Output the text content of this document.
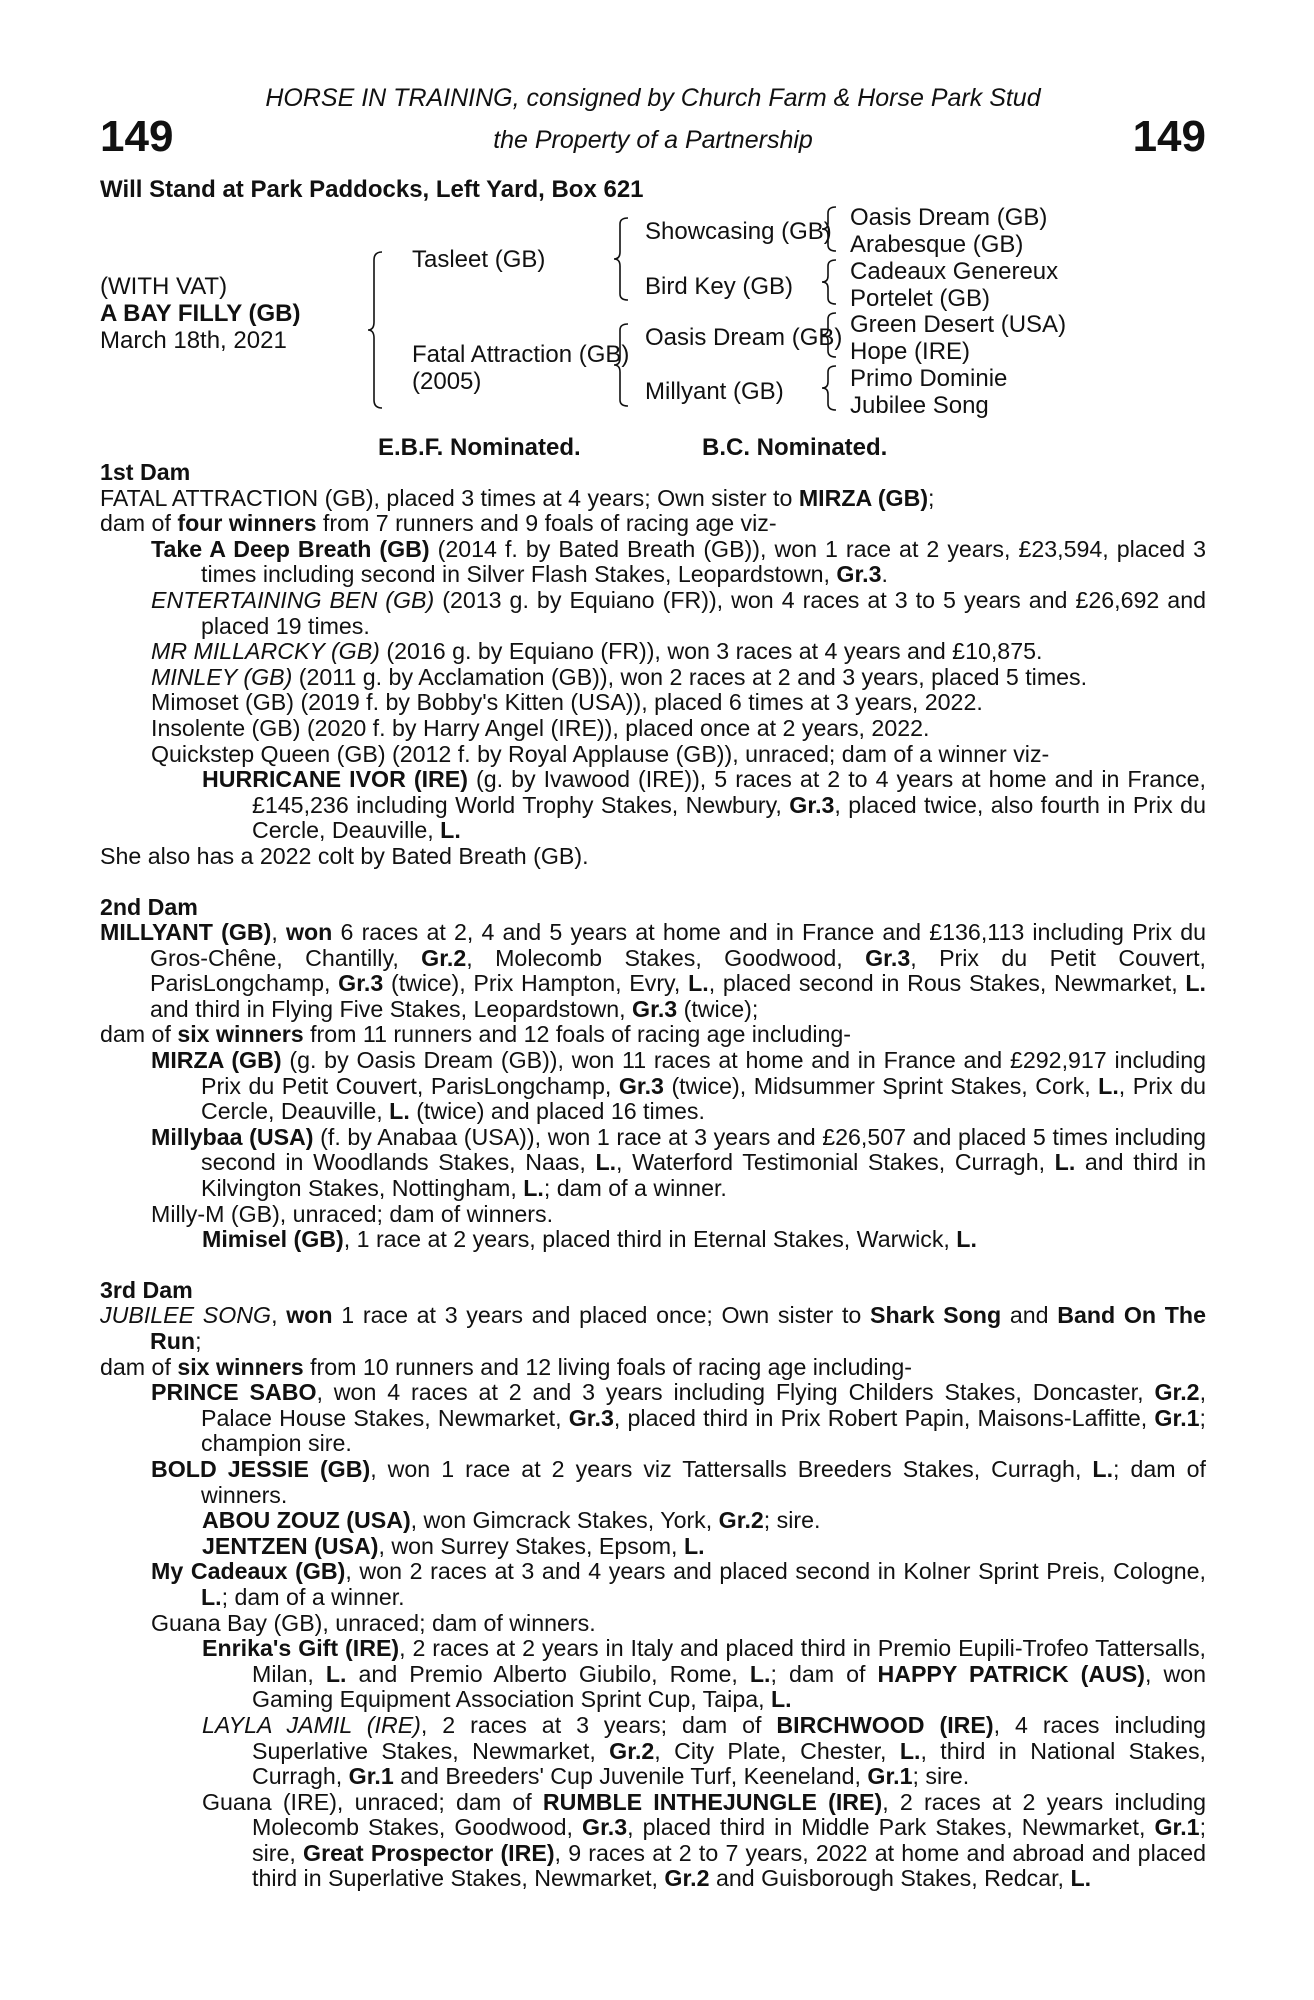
149	149
HORSE IN TRAINING, consigned by Church Farm & Horse Park Stud
the Property of a Partnership
Will Stand at Park Paddocks, Left Yard, Box 621
(WITH VAT)
A BAY FILLY (GB)
March 18th, 2021
Tasleet (GB)
Fatal Attraction (GB)
(2005)
Showcasing (GB)
Bird Key (GB)
Oasis Dream (GB)
Millyant (GB)
Oasis Dream (GB)
Arabesque (GB)
Cadeaux Genereux
Portelet (GB)
Green Desert (USA)
Hope (IRE)
Primo Dominie
Jubilee Song
E.B.F. Nominated.	B.C. Nominated.

1st Dam

FATAL ATTRACTION (GB), placed 3 times at 4 years; Own sister to MIRZA (GB);

dam of four winners from 7 runners and 9 foals of racing age viz-

Take A Deep Breath (GB) (2014 f. by Bated Breath (GB)), won 1 race at 2 years, £23,594, placed 3 times including second in Silver Flash Stakes, Leopardstown, Gr.3.

ENTERTAINING BEN (GB) (2013 g. by Equiano (FR)), won 4 races at 3 to 5 years and £26,692 and placed 19 times.

MR MILLARCKY (GB) (2016 g. by Equiano (FR)), won 3 races at 4 years and £10,875.

MINLEY (GB) (2011 g. by Acclamation (GB)), won 2 races at 2 and 3 years, placed 5 times.

Mimoset (GB) (2019 f. by Bobby's Kitten (USA)), placed 6 times at 3 years, 2022.

Insolente (GB) (2020 f. by Harry Angel (IRE)), placed once at 2 years, 2022.

Quickstep Queen (GB) (2012 f. by Royal Applause (GB)), unraced; dam of a winner viz-

HURRICANE IVOR (IRE) (g. by Ivawood (IRE)), 5 races at 2 to 4 years at home and in France, £145,236 including World Trophy Stakes, Newbury, Gr.3, placed twice, also fourth in Prix du Cercle, Deauville, L.

She also has a 2022 colt by Bated Breath (GB).

2nd Dam

MILLYANT (GB), won 6 races at 2, 4 and 5 years at home and in France and £136,113 including Prix du Gros-Chêne, Chantilly, Gr.2, Molecomb Stakes, Goodwood, Gr.3, Prix du Petit Couvert, ParisLongchamp, Gr.3 (twice), Prix Hampton, Evry, L., placed second in Rous Stakes, Newmarket, L. and third in Flying Five Stakes, Leopardstown, Gr.3 (twice);

dam of six winners from 11 runners and 12 foals of racing age including-

MIRZA (GB) (g. by Oasis Dream (GB)), won 11 races at home and in France and £292,917 including Prix du Petit Couvert, ParisLongchamp, Gr.3 (twice), Midsummer Sprint Stakes, Cork, L., Prix du Cercle, Deauville, L. (twice) and placed 16 times.

Millybaa (USA) (f. by Anabaa (USA)), won 1 race at 3 years and £26,507 and placed 5 times including second in Woodlands Stakes, Naas, L., Waterford Testimonial Stakes, Curragh, L. and third in Kilvington Stakes, Nottingham, L.; dam of a winner.

Milly-M (GB), unraced; dam of winners.

Mimisel (GB), 1 race at 2 years, placed third in Eternal Stakes, Warwick, L.

3rd Dam

JUBILEE SONG, won 1 race at 3 years and placed once; Own sister to Shark Song and Band On The Run;

dam of six winners from 10 runners and 12 living foals of racing age including-

PRINCE SABO, won 4 races at 2 and 3 years including Flying Childers Stakes, Doncaster, Gr.2, Palace House Stakes, Newmarket, Gr.3, placed third in Prix Robert Papin, Maisons-Laffitte, Gr.1; champion sire.

BOLD JESSIE (GB), won 1 race at 2 years viz Tattersalls Breeders Stakes, Curragh, L.; dam of winners.

ABOU ZOUZ (USA), won Gimcrack Stakes, York, Gr.2; sire.

JENTZEN (USA), won Surrey Stakes, Epsom, L.

My Cadeaux (GB), won 2 races at 3 and 4 years and placed second in Kolner Sprint Preis, Cologne, L.; dam of a winner.

Guana Bay (GB), unraced; dam of winners.

Enrika's Gift (IRE), 2 races at 2 years in Italy and placed third in Premio Eupili-Trofeo Tattersalls, Milan, L. and Premio Alberto Giubilo, Rome, L.; dam of HAPPY PATRICK (AUS), won Gaming Equipment Association Sprint Cup, Taipa, L.

LAYLA JAMIL (IRE), 2 races at 3 years; dam of BIRCHWOOD (IRE), 4 races including Superlative Stakes, Newmarket, Gr.2, City Plate, Chester, L., third in National Stakes, Curragh, Gr.1 and Breeders' Cup Juvenile Turf, Keeneland, Gr.1; sire.

Guana (IRE), unraced; dam of RUMBLE INTHEJUNGLE (IRE), 2 races at 2 years including Molecomb Stakes, Goodwood, Gr.3, placed third in Middle Park Stakes, Newmarket, Gr.1; sire, Great Prospector (IRE), 9 races at 2 to 7 years, 2022 at home and abroad and placed third in Superlative Stakes, Newmarket, Gr.2 and Guisborough Stakes, Redcar, L.
